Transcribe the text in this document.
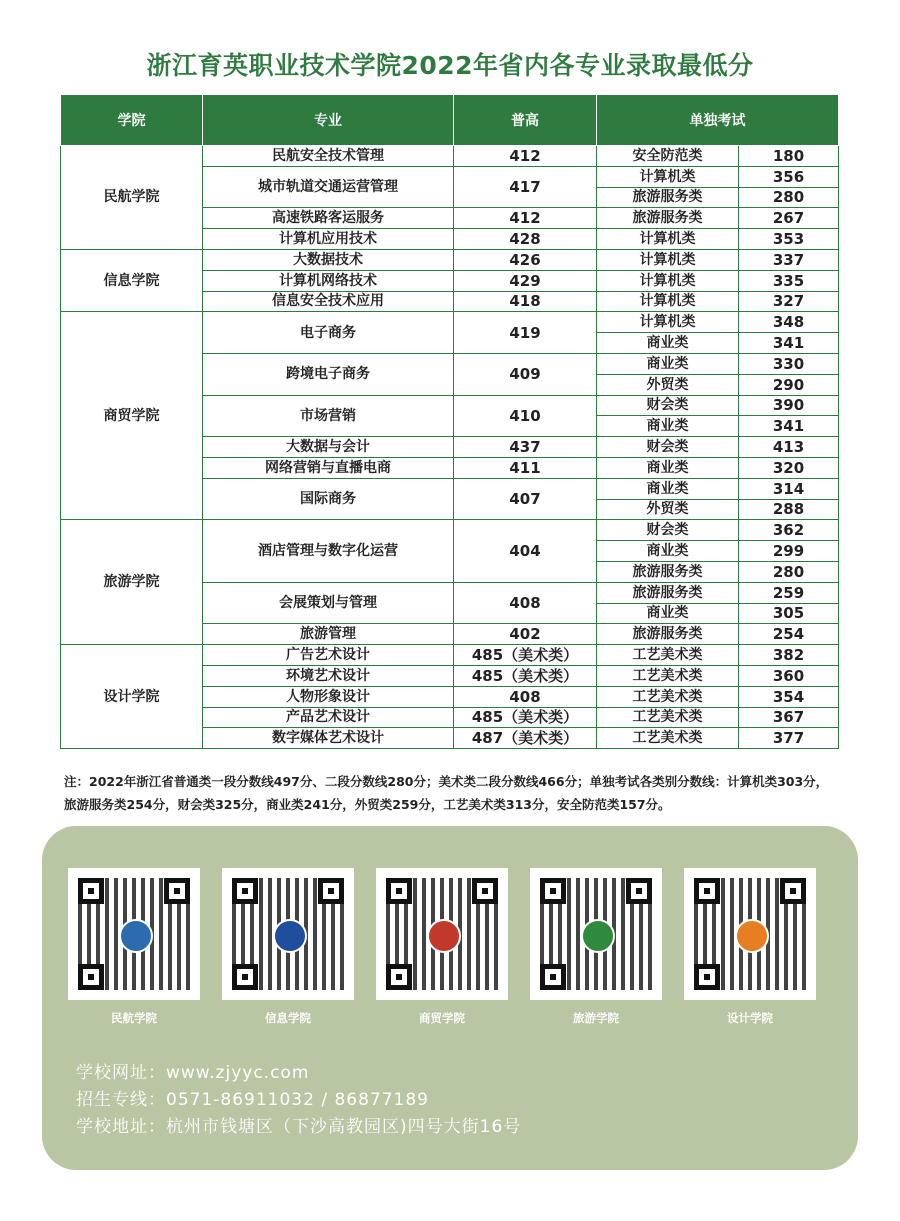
浙江育英职业技术学院2022年省内各专业录取最低分
学院	专业	普高	单独考试	
民航学院	民航安全技术管理	412	安全防范类	180
	城市轨道交通运营管理	417	计算机类	356
			旅游服务类	280
	高速铁路客运服务	412	旅游服务类	267
	计算机应用技术	428	计算机类	353
信息学院	大数据技术	426	计算机类	337
	计算机网络技术	429	计算机类	335
	信息安全技术应用	418	计算机类	327
商贸学院	电子商务	419	计算机类	348
			商业类	341
	跨境电子商务	409	商业类	330
			外贸类	290
	市场营销	410	财会类	390
			商业类	341
	大数据与会计	437	财会类	413
	网络营销与直播电商	411	商业类	320
	国际商务	407	商业类	314
			外贸类	288
旅游学院	酒店管理与数字化运营	404	财会类	362
			商业类	299
			旅游服务类	280
	会展策划与管理	408	旅游服务类	259
			商业类	305
	旅游管理	402	旅游服务类	254
设计学院	广告艺术设计	485（美术类）	工艺美术类	382
	环境艺术设计	485（美术类）	工艺美术类	360
	人物形象设计	408	工艺美术类	354
	产品艺术设计	485（美术类）	工艺美术类	367
	数字媒体艺术设计	487（美术类）	工艺美术类	377
注：2022年浙江省普通类一段分数线497分、二段分数线280分；美术类二段分数线466分；单独考试各类别分数线：计算机类303分，
旅游服务类254分，财会类325分，商业类241分，外贸类259分，工艺美术类313分，安全防范类157分。
民航学院	信息学院	商贸学院	旅游学院	设计学院
学校网址：www.zjyyc.com
招生专线：0571-86911032 / 86877189
学校地址：杭州市钱塘区（下沙高教园区)四号大街16号
